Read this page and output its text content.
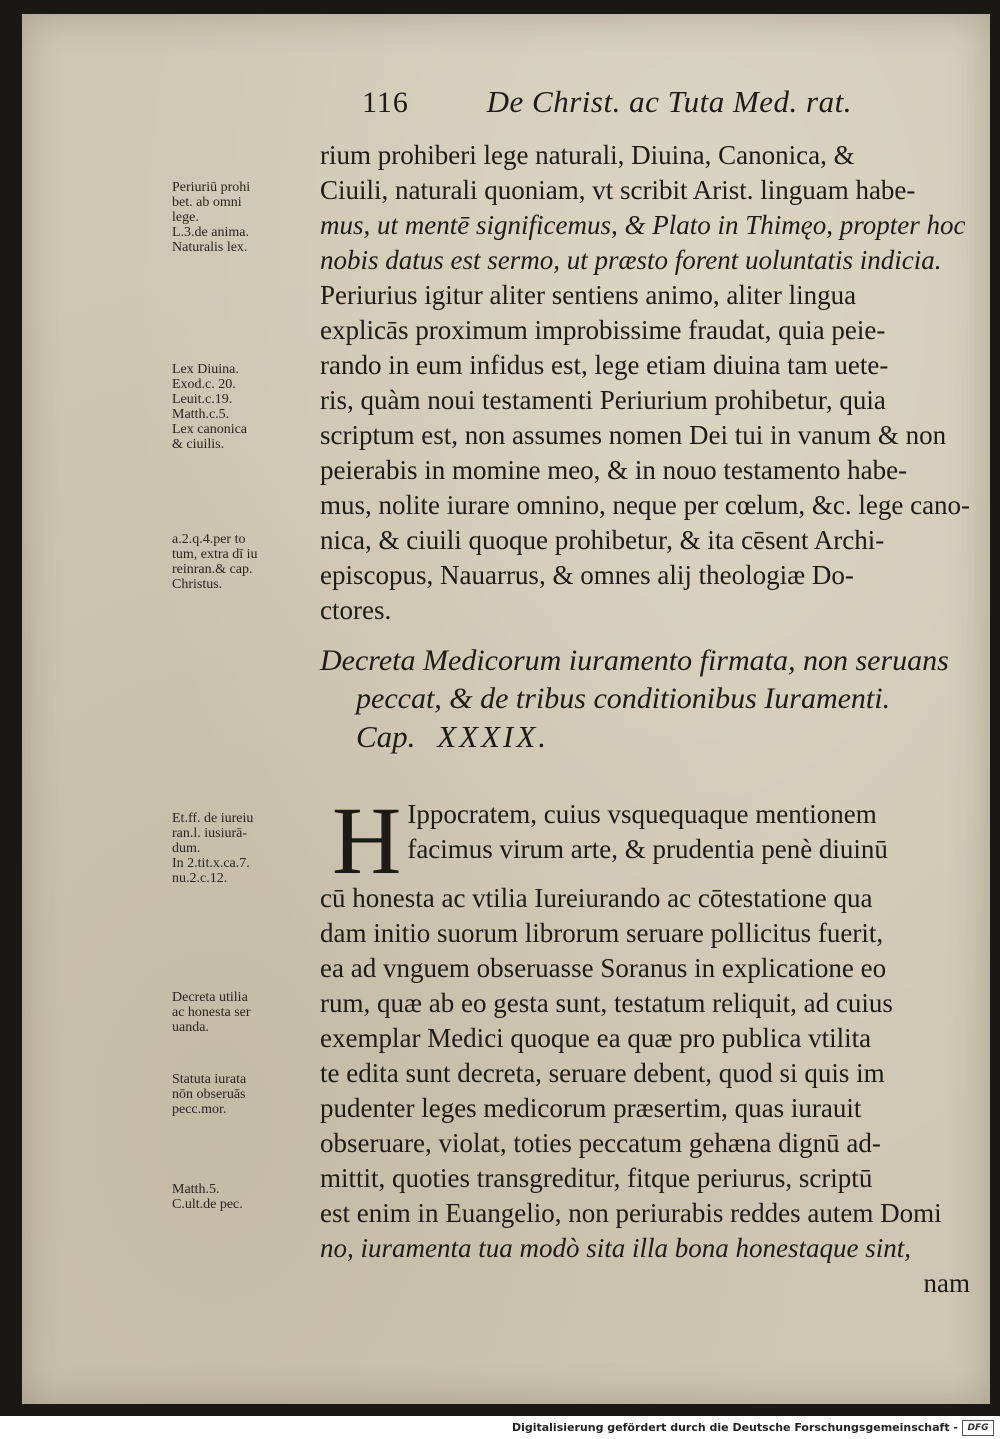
116	De Christ. ac Tuta Med. rat.
rium prohiberi lege naturali, Diuina, Canonica, &
Ciuili, naturali quoniam, vt scribit Arist. linguam habe-
mus, ut mentē significemus, & Plato in Thimęo, propter hoc
nobis datus est sermo, ut præsto forent uoluntatis indicia.
Periurius igitur aliter sentiens animo, aliter lingua
explicās proximum improbissime fraudat, quia peie-
rando in eum infidus est, lege etiam diuina tam uete-
ris, quàm noui testamenti Periurium prohibetur, quia
scriptum est, non assumes nomen Dei tui in vanum & non
peierabis in momine meo, & in nouo testamento habe-
mus, nolite iurare omnino, neque per cœlum, &c. lege cano-
nica, & ciuili quoque prohibetur, & ita cēsent Archi-
episcopus, Nauarrus, & omnes alij theologiæ Do-
ctores.
Decreta Medicorum iuramento firmata, non seruans
peccat, & de tribus conditionibus Iuramenti.
Cap. XXXIX.
H Ippocratem, cuius vsquequaque mentionem
facimus virum arte, & prudentia penè diuinū
cū honesta ac vtilia Iureiurando ac cōtestatione qua
dam initio suorum librorum seruare pollicitus fuerit,
ea ad vnguem obseruasse Soranus in explicatione eo
rum, quæ ab eo gesta sunt, testatum reliquit, ad cuius
exemplar Medici quoque ea quæ pro publica vtilita
te edita sunt decreta, seruare debent, quod si quis im
pudenter leges medicorum præsertim, quas iurauit
obseruare, violat, toties peccatum gehæna dignū ad-
mittit, quoties transgreditur, fitque periurus, scriptū
est enim in Euangelio, non periurabis reddes autem Domi
no, iuramenta tua modò sita illa bona honestaque sint,
nam
Periuriū prohi
bet. ab omni
lege.
L.3.de anima.
Naturalis lex.
Lex Diuina.
Exod.c. 20.
Leuit.c.19.
Matth.c.5.
Lex canonica
& ciuilis.
a.2.q.4.per to
tum, extra dī iu
reinran.& cap.
Christus.
Et.ff. de iureiu
ran.l. iusiurā-
dum.
In 2.tit.x.ca.7.
nu.2.c.12.
Decreta utilia
ac honesta ser
uanda.
Statuta iurata
nōn obseruās
pecc.mor.
Matth.5.
C.ult.de pec.
Digitalisierung gefördert durch die Deutsche Forschungsgemeinschaft -	DFG
